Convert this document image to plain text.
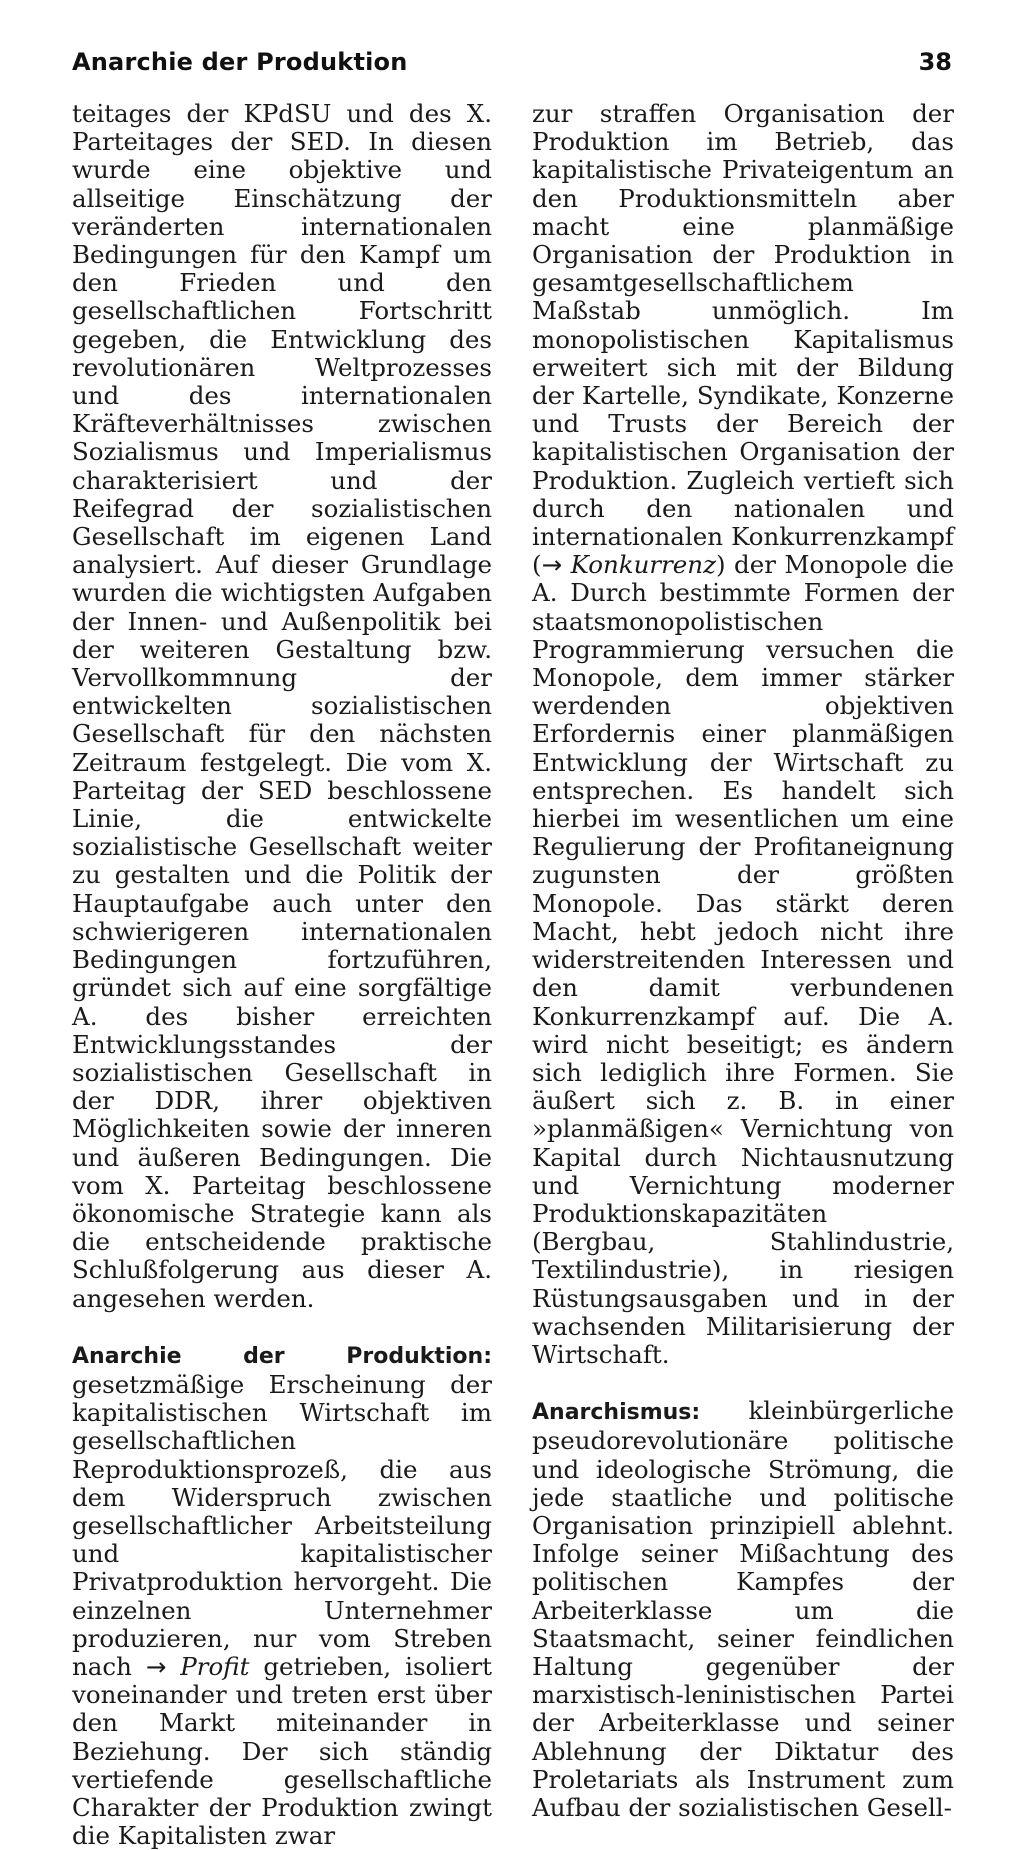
Anarchie der Produktion	38

teitages der KPdSU und des X. Parteitages der SED. In diesen wurde eine objektive und allseitige Einschätzung der veränderten internationalen Bedingungen für den Kampf um den Frieden und den gesellschaftlichen Fortschritt gegeben, die Entwicklung des revolutionären Weltprozesses und des internationalen Kräfteverhältnisses zwischen Sozialismus und Imperialismus charakterisiert und der Reifegrad der sozialistischen Gesellschaft im eigenen Land analysiert. Auf dieser Grundlage wurden die wichtigsten Aufgaben der Innen- und Außenpolitik bei der weiteren Gestaltung bzw. Vervollkommnung der entwickelten sozialistischen Gesellschaft für den nächsten Zeitraum festgelegt. Die vom X. Parteitag der SED beschlossene Linie, die entwickelte sozialistische Gesellschaft weiter zu gestalten und die Politik der Hauptaufgabe auch unter den schwierigeren internationalen Bedingungen fortzuführen, gründet sich auf eine sorgfältige A. des bisher erreichten Entwicklungsstandes der sozialistischen Gesellschaft in der DDR, ihrer objektiven Möglichkeiten sowie der inneren und äußeren Bedingungen. Die vom X. Parteitag beschlossene ökonomische Strategie kann als die entscheidende praktische Schlußfolgerung aus dieser A. angesehen werden.

Anarchie der Produktion: gesetzmäßige Erscheinung der kapitalistischen Wirtschaft im gesellschaftlichen Reproduktionsprozeß, die aus dem Widerspruch zwischen gesellschaftlicher Arbeitsteilung und kapitalistischer Privatproduktion hervorgeht. Die einzelnen Unternehmer produzieren, nur vom Streben nach → Profit getrieben, isoliert voneinander und treten erst über den Markt miteinander in Beziehung. Der sich ständig vertiefende gesellschaftliche Charakter der Produktion zwingt die Kapitalisten zwar

zur straffen Organisation der Produktion im Betrieb, das kapitalistische Privateigentum an den Produktionsmitteln aber macht eine planmäßige Organisation der Produktion in gesamtgesellschaftlichem Maßstab unmöglich. Im monopolistischen Kapitalismus erweitert sich mit der Bildung der Kartelle, Syndikate, Konzerne und Trusts der Bereich der kapitalistischen Organisation der Produktion. Zugleich vertieft sich durch den nationalen und internationalen Konkurrenzkampf (→ Konkurrenz) der Monopole die A. Durch bestimmte Formen der staatsmonopolistischen Programmierung versuchen die Monopole, dem immer stärker werdenden objektiven Erfordernis einer planmäßigen Entwicklung der Wirtschaft zu entsprechen. Es handelt sich hierbei im wesentlichen um eine Regulierung der Profitaneignung zugunsten der größten Monopole. Das stärkt deren Macht, hebt jedoch nicht ihre widerstreitenden Interessen und den damit verbundenen Konkurrenzkampf auf. Die A. wird nicht beseitigt; es ändern sich lediglich ihre Formen. Sie äußert sich z. B. in einer »planmäßigen« Vernichtung von Kapital durch Nichtausnutzung und Vernichtung moderner Produktionskapazitäten (Bergbau, Stahlindustrie, Textilindustrie), in riesigen Rüstungsausgaben und in der wachsenden Militarisierung der Wirtschaft.

Anarchismus: kleinbürgerliche pseudorevolutionäre politische und ideologische Strömung, die jede staatliche und politische Organisation prinzipiell ablehnt. Infolge seiner Mißachtung des politischen Kampfes der Arbeiterklasse um die Staatsmacht, seiner feindlichen Haltung gegenüber der marxistisch-leninistischen Partei der Arbeiterklasse und seiner Ablehnung der Diktatur des Proletariats als Instrument zum Aufbau der sozialistischen Gesell-
